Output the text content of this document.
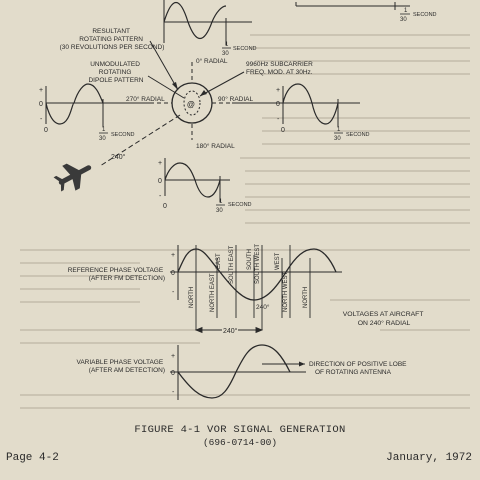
1
30
SECOND
1
30
SECOND
@
RESULTANT ROTATING PATTERN (30 REVOLUTIONS PER SECOND)
UNMODULATED ROTATING DIPOLE PATTERN
9960Hz SUBCARRIER FREQ. MOD. AT 30Hz.
0° RADIAL
+
0
-
0
270° RADIAL
1
30
SECOND
+
0
-
0
90° RADIAL
1
30
SECOND
+
0
-
0
180° RADIAL
1
30
SECOND
240°
+
0
-
REFERENCE PHASE VOLTAGE (AFTER FM DETECTION)
NORTH	NORTH EAST
EAST SOUTH EAST SOUTH SOUTH WEST WEST
NORTH WEST NORTH
240°
240°
VOLTAGES AT AIRCRAFT ON 240° RADIAL
+
0
-
VARIABLE PHASE VOLTAGE (AFTER AM DETECTION)
DIRECTION OF POSITIVE LOBE OF ROTATING ANTENNA
FIGURE 4-1 VOR SIGNAL GENERATION
(696-0714-00)
Page 4-2	January, 1972
